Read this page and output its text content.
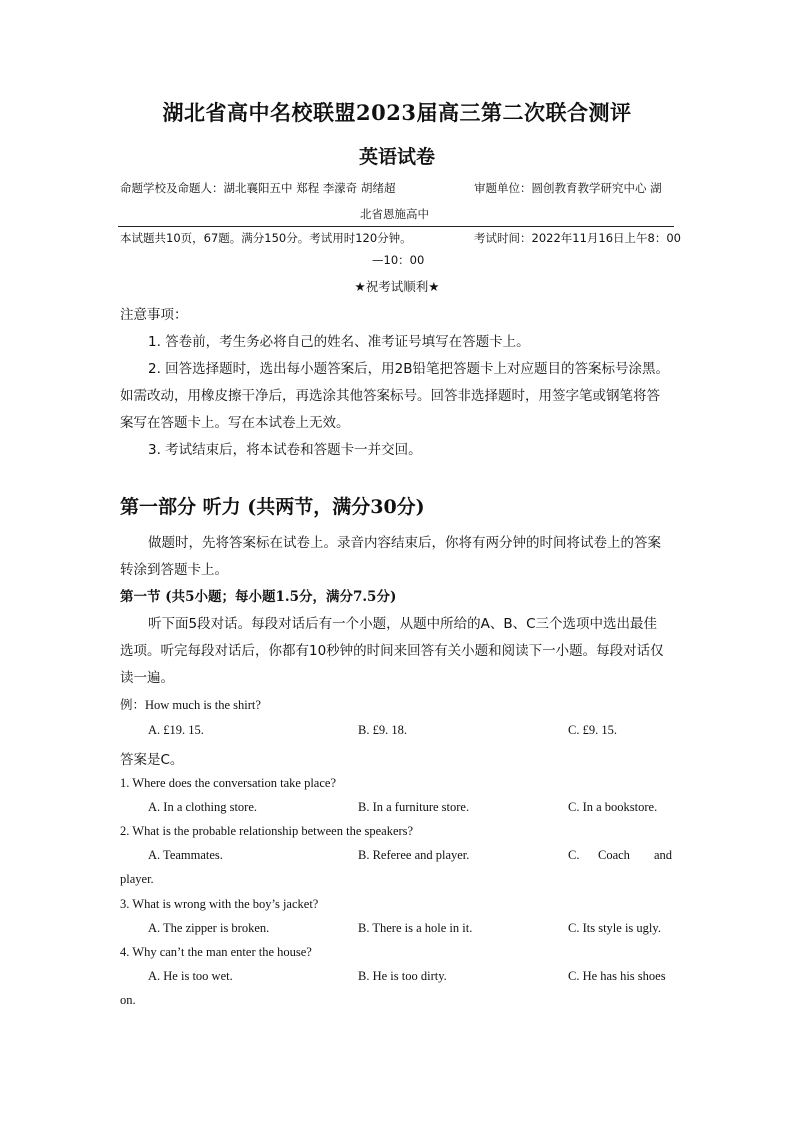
湖北省高中名校联盟2023届高三第二次联合测评
英语试卷
命题学校及命题人：湖北襄阳五中 郑程 李濛奇 胡绪超	审题单位：圆创教育教学研究中心 湖
北省恩施高中
本试题共10页，67题。满分150分。考试用时120分钟。	考试时间：2022年11月16日上午8：00
—10：00
★祝考试顺利★
注意事项：
1. 答卷前，考生务必将自己的姓名、准考证号填写在答题卡上。
2. 回答选择题时，选出每小题答案后，用2B铅笔把答题卡上对应题目的答案标号涂黑。
如需改动，用橡皮擦干净后，再选涂其他答案标号。回答非选择题时，用签字笔或钢笔将答
案写在答题卡上。写在本试卷上无效。
3. 考试结束后，将本试卷和答题卡一并交回。
第一部分 听力 (共两节，满分30分)
做题时，先将答案标在试卷上。录音内容结束后，你将有两分钟的时间将试卷上的答案
转涂到答题卡上。
第一节 (共5小题；每小题1.5分，满分7.5分)
听下面5段对话。每段对话后有一个小题，从题中所给的A、B、C三个选项中选出最佳
选项。听完每段对话后，你都有10秒钟的时间来回答有关小题和阅读下一小题。每段对话仅
读一遍。
例：How much is the shirt?
A. £19. 15.	B. £9. 18.	C. £9. 15.
答案是C。
1. Where does the conversation take place?
A. In a clothing store.	B. In a furniture store.	C. In a bookstore.
2. What is the probable relationship between the speakers?
A. Teammates.	B. Referee and player.	C. Coach and
player.
3. What is wrong with the boy’s jacket?
A. The zipper is broken.	B. There is a hole in it.	C. Its style is ugly.
4. Why can’t the man enter the house?
A. He is too wet.	B. He is too dirty.	C. He has his shoes
on.
